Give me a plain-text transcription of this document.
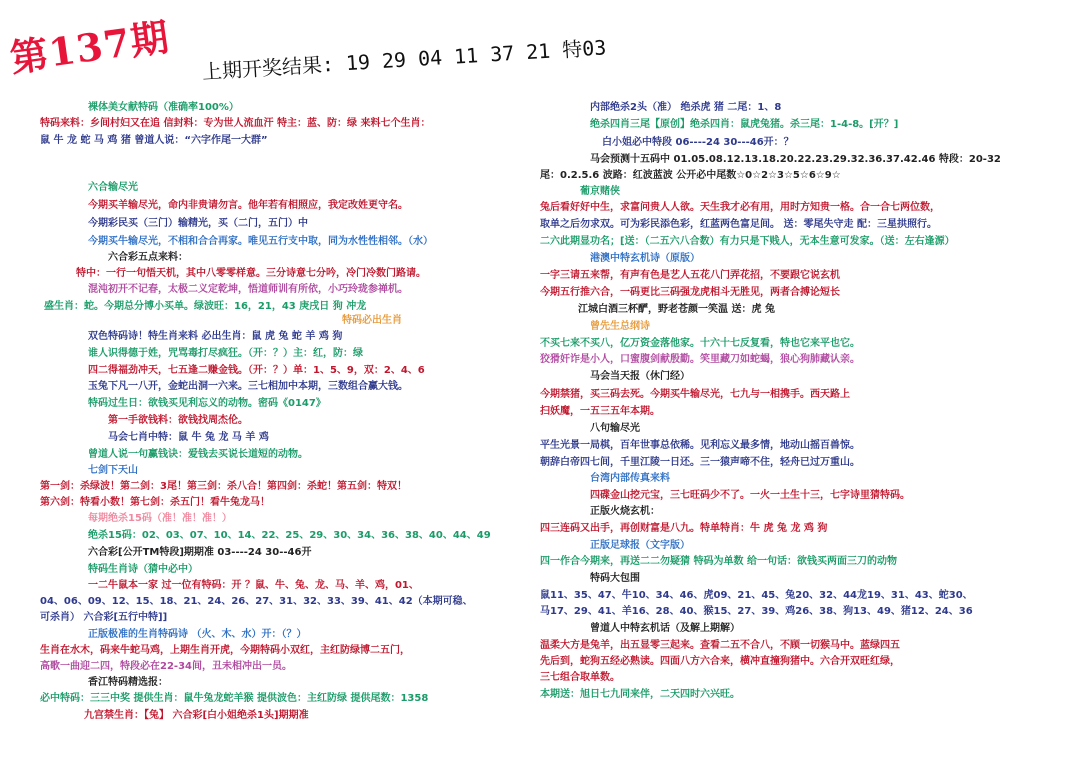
第137期 上期开奖结果: 19 29 04 11 37 21 特03
裸体美女献特码（准确率100%）
特码来料：乡间村妇又在追 信封料：专为世人流血汗 特主：蓝、防：绿 来料七个生肖：
鼠 牛 龙 蛇 马 鸡 猪 曾道人说：“六字作尾一大群”
六合输尽光
今期买羊输尽光，命内非贵请勿言。他年若有相照应，我定改姓更守名。
今期彩民买（三门）输精光，买（二门，五门）中
今期买牛输尽光，不相和合合再家。唯见五行支中取，同为水性性相邻。（水）
六合彩五点来料：
特中：一行一句悟天机，其中八零零样意。三分诗意七分吟，冷门冷数门路请。
混沌初开不记春，太极二义定乾坤，悟道师训有所依，小巧玲珑参禅机。
盛生肖：蛇。今期总分博小买单。绿波旺：16，21，43 庚戌日 狗 冲龙
特码必出生肖
双色特码诗！特生肖来料 必出生肖：鼠 虎 兔 蛇 羊 鸡 狗
谁人识得德于姓，咒骂毒打尽疯狂。（开：？）主：红，防：绿
四二得福劲冲天，七五逢二赚金钱。（开：？）单：1、5、9，双：2、4、6
玉兔下凡一八开，金蛇出洞一六来。三七相加中本期，三数组合赢大钱。
特码过生日：欲钱买见利忘义的动物。密码《0147》
第一手欲钱料：欲钱找周杰伦。
马会七肖中特：鼠 牛 兔 龙 马 羊 鸡
曾道人说一句赢钱诀：爱钱去买说长道短的动物。
七剑下天山
第一剑：杀绿波！第二剑：3尾！第三剑：杀八合！第四剑：杀蛇！第五剑：特双！
第六剑：特看小数！第七剑：杀五门！看牛兔龙马！
每期绝杀15码（准！准！准！）
绝杀15码：02、03、07、10、14、22、25、29、30、34、36、38、40、44、49
六合彩[公开TM特段]期期准 03----24 30--46开
特码生肖诗（猜中必中）
一二牛鼠本一家 过一位有特码：开 ？鼠、牛、兔、龙、马、羊、鸡，01、
04、06、09、12、15、18、21、24、26、27、31、32、33、39、41、42（本期可稳、
可杀肖） 六合彩[五行中特]]
正版极准的生肖特码诗 （火、木、水）开：（？）
生肖在水木，码来牛蛇马鸡，上期生肖开虎，今期特码小双红，主红防绿博二五门，
高歌一曲迎二四，特段必在22-34间，丑未相冲出一员。
香江特码精选报：
必中特码：三三中奖 提供生肖：鼠牛兔龙蛇羊猴 提供波色：主红防绿 提供尾数：1358
九宫禁生肖：【兔】 六合彩[白小姐绝杀1头]期期准
内部绝杀2头（准） 绝杀虎 猪 二尾：1、8
绝杀四肖三尾【原创】绝杀四肖：鼠虎兔猪。杀三尾：1-4-8。[开？]
白小姐必中特段 06----24 30---46开：？
马会预测十五码中 01.05.08.12.13.18.20.22.23.29.32.36.37.42.46 特段：20-32
尾：0.2.5.6 波路：红波蓝波 公开必中尾数☆0☆2☆3☆5☆6☆9☆
葡京赌侠
兔后看好好中生，求富问贵人人欲。天生我才必有用，用时方知贵一格。合一合七两位数，
取单之后勿求双。可为彩民添色彩，红蓝两色富足间。 送：零尾失守走 配：三星拱照行。
二六此期显功名；[送：（二五六八合数）有力只是下贱人，无本生意可发家。（送：左右逢源）
港澳中特玄机诗（原版）
一字三请五来帮，有声有色是艺人五花八门弄花招，不要跟它说玄机
今期五行推六合，一码更比三码强龙虎相斗无胜见，两者合搏论短长
江城白酒三杯酽，野老苍颜一笑温 送：虎 兔
曾先生总纲诗
不买七来不买八，亿万资金落他家。十六十七反复看，特也它来平也它。
狡猾奸诈是小人，口蜜腹剑献殷勤。笑里藏刀如蛇蝎，狼心狗肺藏认亲。
马会当天报（休门经）
今期禁猪，买三码去死。今期买牛输尽光，七九与一相携手。西天路上
扫妖魔，一五三五年本期。
八句输尽光
平生光景一局棋，百年世事总依稀。见利忘义最多情，地动山摇百兽惊。
朝辞白帝四七间，千里江陵一日还。三一猿声啼不住，轻舟已过万重山。
台湾内部传真来料
四碟金山挖元宝，三七旺码少不了。一火一土生十三，七字诗里猜特码。
正版火烧玄机：
四三连码又出手，再创财富是八九。特单特肖：牛 虎 兔 龙 鸡 狗
正版足球报（文字版）
四一作合今期来，再送二二勿疑猜 特码为单数 给一句话：欲钱买两面三刀的动物
特码大包围
鼠11、35、47、牛10、34、46、虎09、21、45、兔20、32、44龙19、31、43、蛇30、
马17、29、41、羊16、28、40、猴15、27、39、鸡26、38、狗13、49、猪12、24、36
曾道人中特玄机话（及解上期解）
温柔大方是兔羊，出五显零三起来。查看二五不合八，不顾一切猴马中。蓝绿四五
先后到，蛇狗五经必熟读。四面八方六合来，横冲直撞狗猪中。六合开双旺红绿，
三七组合取单数。
本期送：旭日七九同来伴，二天四时六兴旺。
